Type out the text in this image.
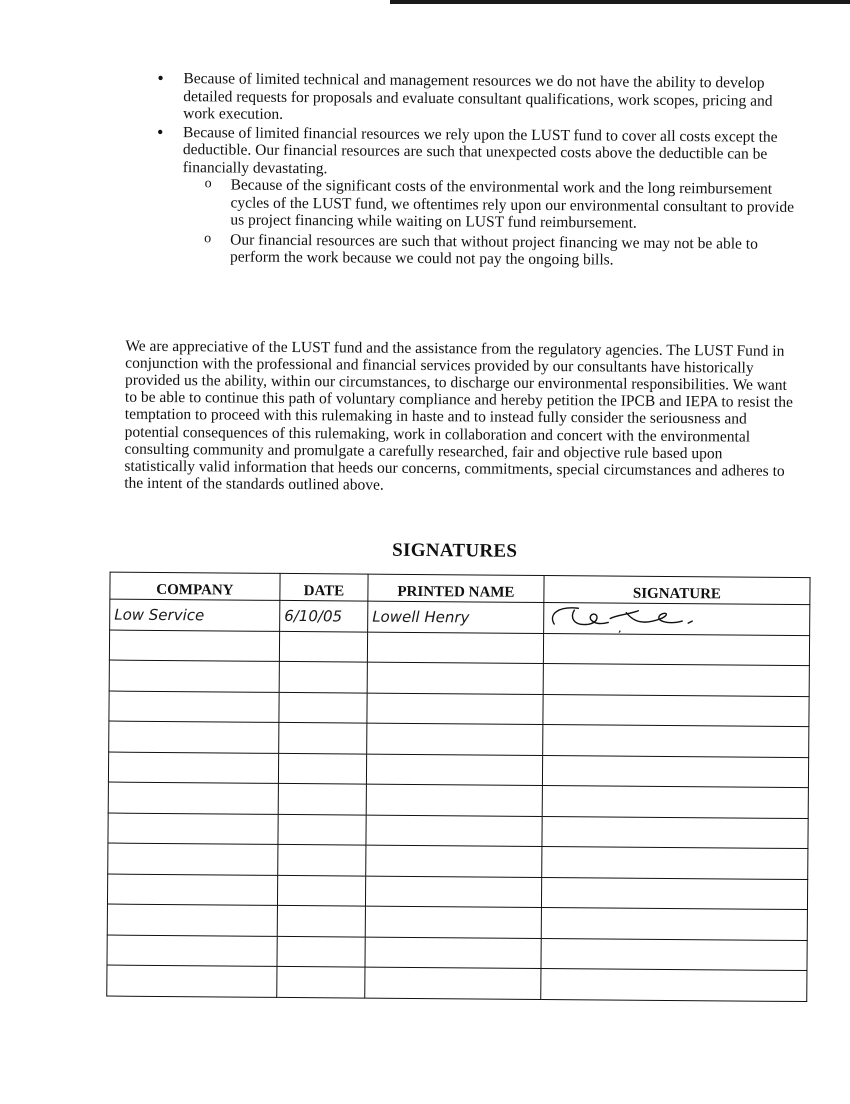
• Because of limited technical and management resources we do not have the ability to develop detailed requests for proposals and evaluate consultant qualifications, work scopes, pricing and work execution.
• Because of limited financial resources we rely upon the LUST fund to cover all costs except the deductible. Our financial resources are such that unexpected costs above the deductible can be financially devastating.
o Because of the significant costs of the environmental work and the long reimbursement cycles of the LUST fund, we oftentimes rely upon our environmental consultant to provide us project financing while waiting on LUST fund reimbursement.
o Our financial resources are such that without project financing we may not be able to perform the work because we could not pay the ongoing bills.

We are appreciative of the LUST fund and the assistance from the regulatory agencies. The LUST Fund in conjunction with the professional and financial services provided by our consultants have historically provided us the ability, within our circumstances, to discharge our environmental responsibilities. We want to be able to continue this path of voluntary compliance and hereby petition the IPCB and IEPA to resist the temptation to proceed with this rulemaking in haste and to instead fully consider the seriousness and potential consequences of this rulemaking, work in collaboration and concert with the environmental consulting community and promulgate a carefully researched, fair and objective rule based upon statistically valid information that heeds our concerns, commitments, special circumstances and adheres to the intent of the standards outlined above.

SIGNATURES
COMPANY	DATE	PRINTED NAME	SIGNATURE
Low Service	6/10/05	Lowell Henry	
